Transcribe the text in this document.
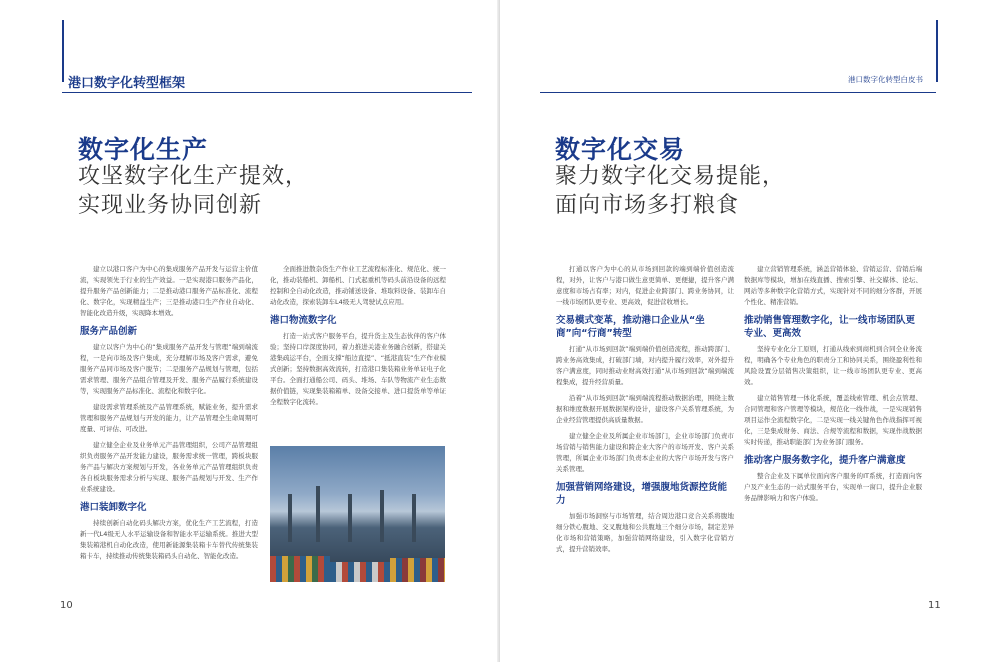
港口数字化转型框架
数字化生产
攻坚数字化生产提效，
实现业务协同创新

建立以港口客户为中心的集成服务产品开发与运营主价值流，实现领先于行业的生产效益。一是实现港口服务产品化，提升服务产品创新能力；二是推动港口服务产品标准化、流程化、数字化，实现精益生产；三是推动港口生产作业自动化、智能化改造升级，实现降本增效。

服务产品创新

建立以客户为中心的“集成服务产品开发与管理”端到端流程，一是向市场及客户集成，充分理解市场及客户需求，避免服务产品同市场及客户脱节；二是服务产品规划与管理，包括需求管理、服务产品组合管理及开发、服务产品履行系统建设等，实现服务产品标准化、流程化和数字化。

建设需求管理系统及产品管理系统，赋能业务，提升需求管理和服务产品规划与开发的能力，让产品管理全生命周期可度量、可评估、可改进。

建立健全企业及业务单元产品管理组织，公司产品管理组织负责服务产品开发能力建设，服务需求统一管理，跨板块服务产品与解决方案规划与开发，各业务单元产品管理组织负责各自板块服务需求分析与实现、服务产品规划与开发、生产作业系统建设。

港口装卸数字化

持续创新自动化码头解决方案，优化生产工艺流程，打造新一代L4级无人水平运输设备和智能水平运输系统。推进大型集装箱港机自动化改造，使用新能源集装箱卡车替代传统集装箱卡车，持续推动传统集装箱码头自动化、智能化改造。

全面推进散杂货生产作业工艺流程标准化、规范化、统一化，推动装船机、卸船机、门式起重机等码头前沿设备的远程控制和全自动化改造，推动铺送设备、堆取料设备、装卸车自动化改造，探索装卸车L4级无人驾驶试点应用。

港口物流数字化

打造一站式客户服务平台，提升货主及生态伙伴的客户体验；坚持口岸深度协同，着力推进关港业务融合创新，搭建关港集疏运平台，全面支撑“船边直提”、“抵港直装”生产作业模式创新；坚持数据高效流转，打造港口集装箱业务单证电子化平台。全面打通船公司、码头、堆场、车队等物流产业生态数据价值链，实现集装箱箱单、设备交接单、进口提货单等单证全程数字化流转。

10
港口数字化转型白皮书
数字化交易
聚力数字化交易提能，
面向市场多打粮食

打通以客户为中心的从市场到回款的端到端价值创造流程，对外，让客户与港口做生意更简单、更便捷，提升客户满意度和市场占有率；对内，促进企业跨部门、跨业务协同，让一线市场团队更专业、更高效，促进营收增长。

交易模式变革，推动港口企业从“坐商”向“行商”转型

打通“从市场到回款”端到端价值创造流程，推动跨部门、跨业务高效集成，打破部门墙，对内提升履行效率，对外提升客户满意度，同时推动业财高效打通“从市场到回款”端到端流程集成，提升经营质量。

沿着“从市场到回款”端到端流程推动数据治理，围绕主数据和维度数据开展数据架构设计，建设客户关系管理系统，为企业经营管理提供高质量数据。

建立健全企业及所属企业市场部门，企业市场部门负责市场营销与销售能力建设和跨企业大客户的市场开发、客户关系管理，所属企业市场部门负责本企业的大客户市场开发与客户关系管理。

加强营销网络建设，增强腹地货源控货能力

加强市场洞察与市场管理，结合周边港口竞合关系将腹地细分铁心腹地、交叉腹地和公共腹地三个细分市场，制定差异化市场和营销策略，加强营销网络建设，引入数字化营销方式，提升营销效率。

建立营销管理系统，涵盖营销体验、营销运营、营销后端数据库等模块，增加在线直播、搜索引擎、社交媒体、论坛、网站等多种数字化营销方式，实现针对不同的细分客群，开展个性化、精准营销。

推动销售管理数字化，让一线市场团队更专业、更高效

坚持专业化分工原则，打通从线索到商机到合同全业务流程，明确各个专业角色的职责分工和协同关系，围绕盈利性和风险设置分层销售决策组织，让一线市场团队更专业、更高效。

建立销售管理一体化系统，覆盖线索管理、机会点管理、合同管理和客户管理等模块，规范化一线作战，一是实现销售项目运作全流程数字化，二是实现一线关键角色作战指挥可视化，三是集成财务、商法、合规等流程和数据，实现作战数据实时传递，推动职能部门为业务部门服务。

推动客户服务数字化，提升客户满意度

整合企业及下属单位面向客户服务的IT系统，打造面向客户及产业生态的一站式服务平台，实现单一窗口，提升企业服务品牌影响力和客户体验。

11
